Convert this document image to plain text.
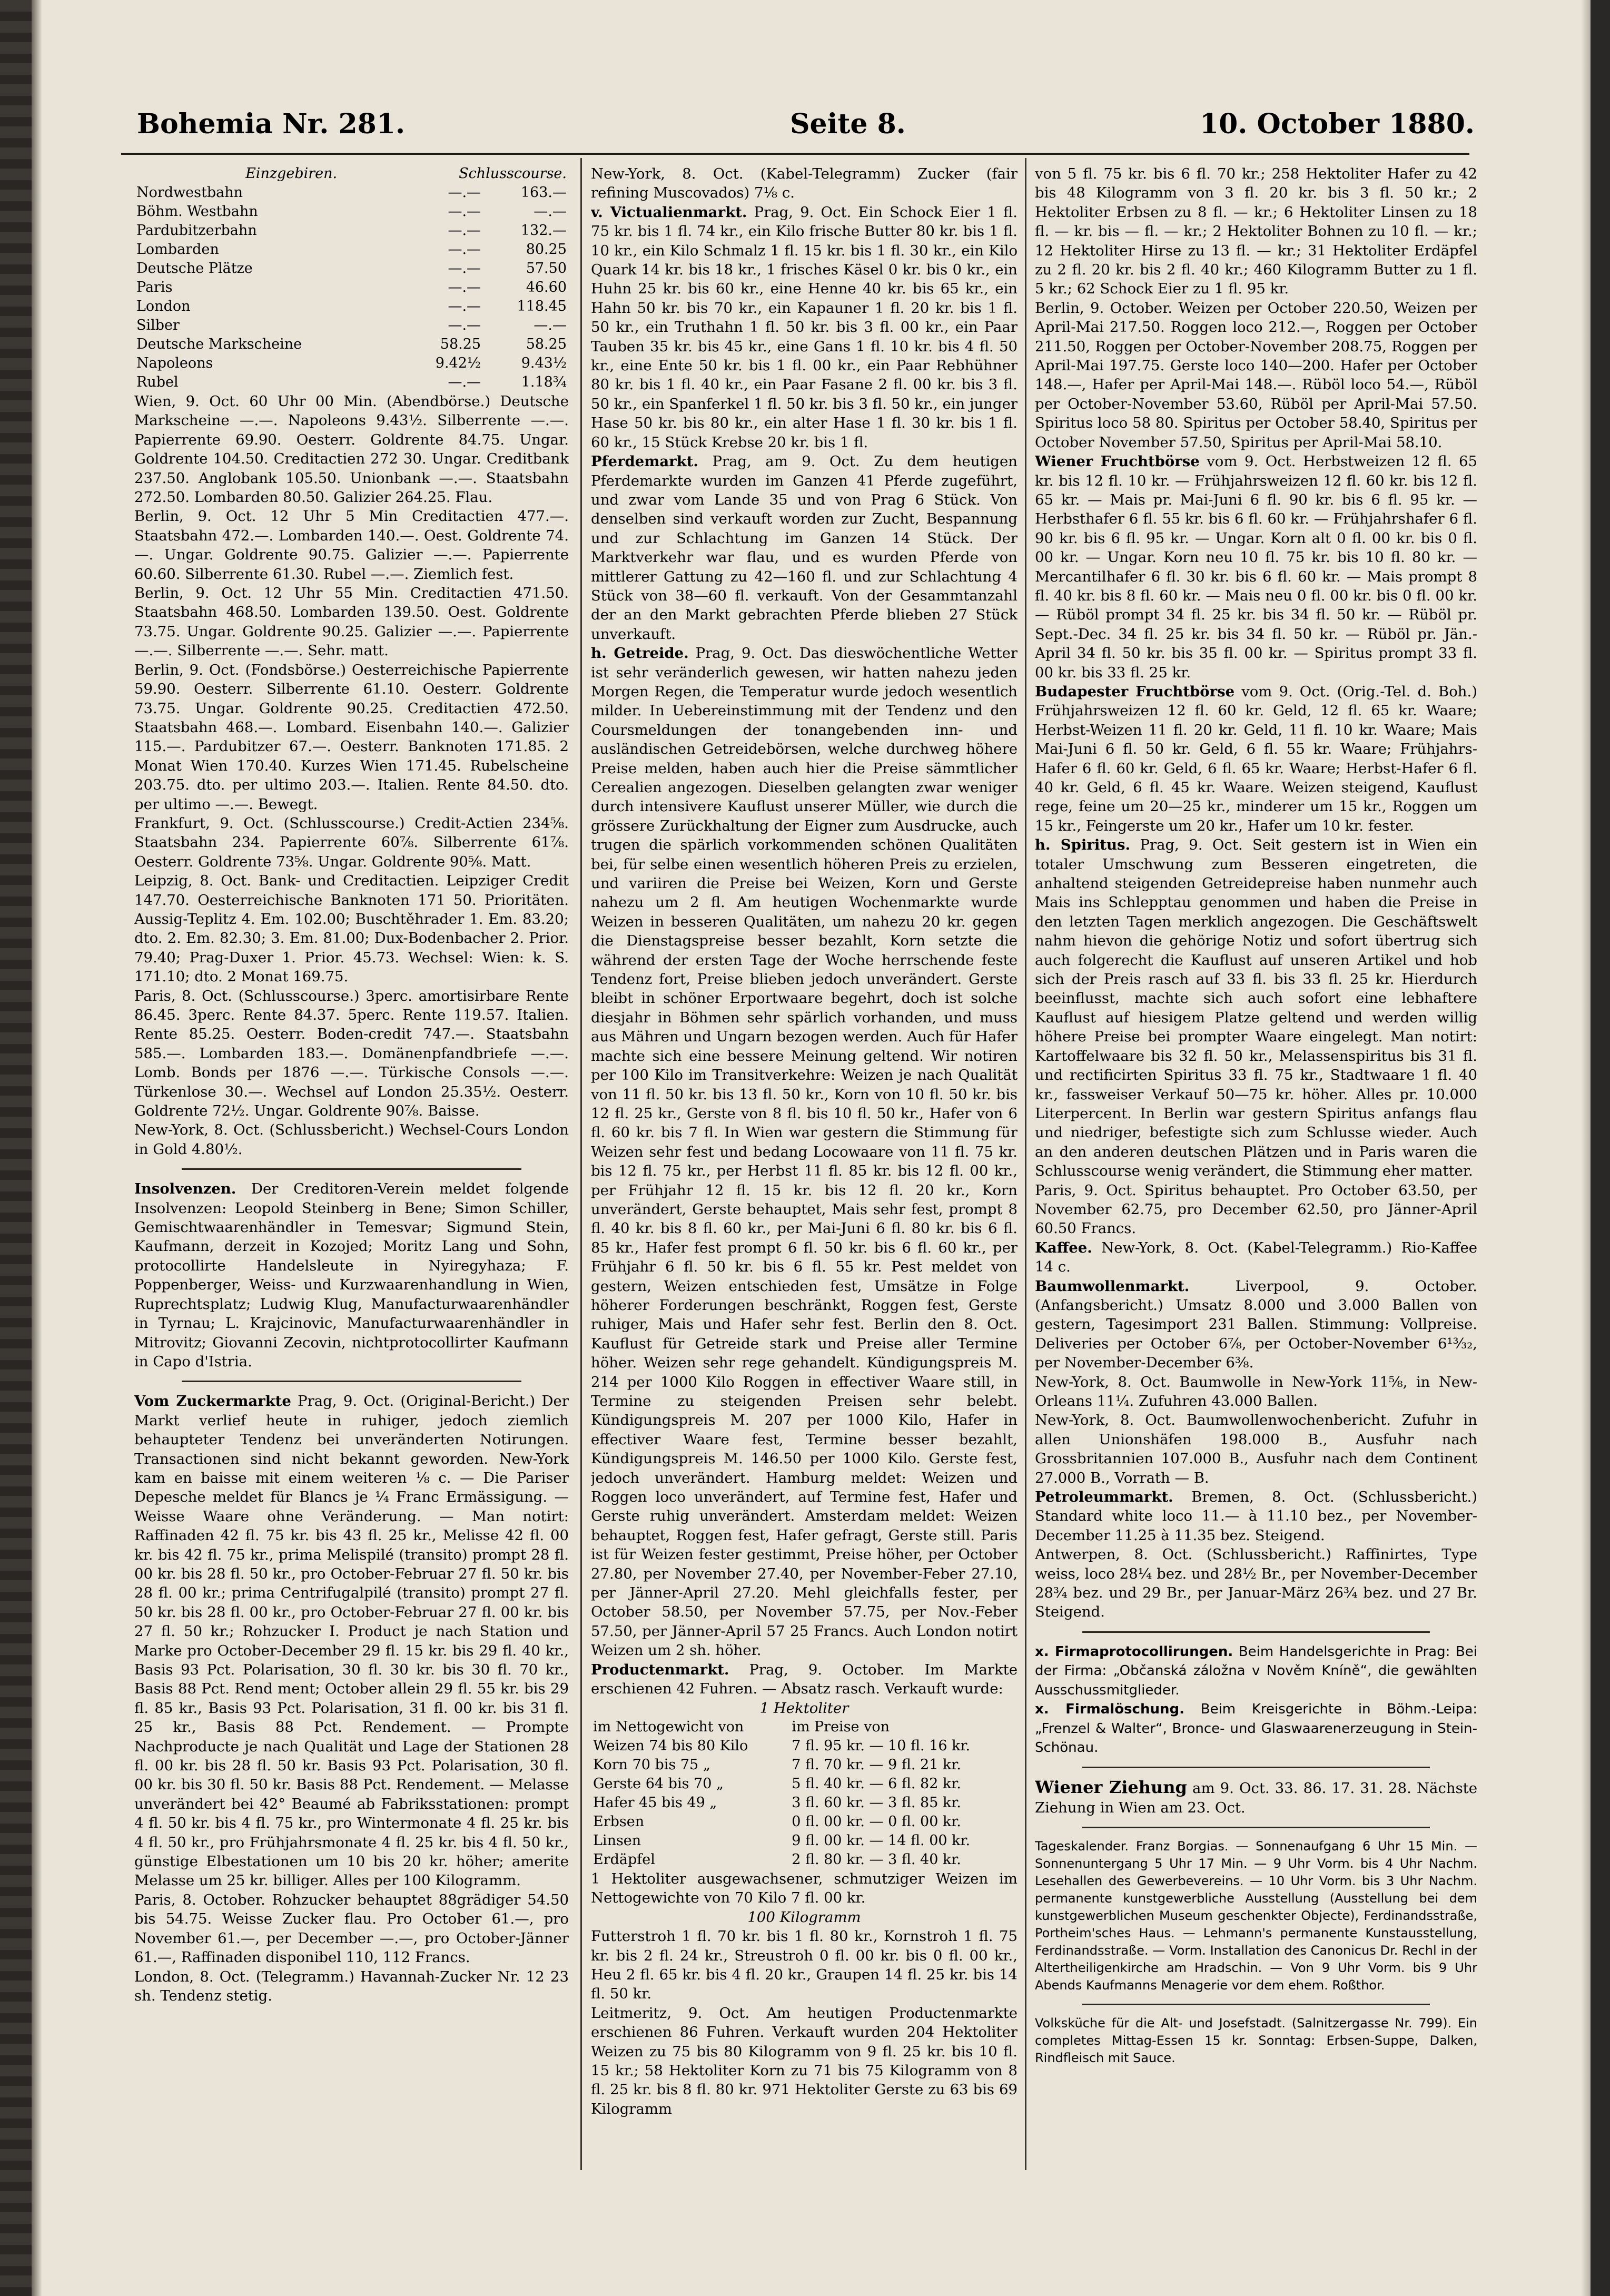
Bohemia Nr. 281.	Seite 8.	10. October 1880.
	Einzgebiren.	Schlusscourse.
Nordwestbahn	—.—	163.—
Böhm. Westbahn	—.—	—.—
Pardubitzerbahn	—.—	132.—
Lombarden	—.—	80.25
Deutsche Plätze	—.—	57.50
Paris	—.—	46.60
London	—.—	118.45
Silber	—.—	—.—
Deutsche Markscheine	58.25	58.25
Napoleons	9.42½	9.43½
Rubel	—.—	1.18¾

Wien, 9. Oct. 60 Uhr 00 Min. (Abendbörse.) Deutsche Markscheine —.—. Napoleons 9.43½. Silberrente —.—. Papierrente 69.90. Oesterr. Goldrente 84.75. Ungar. Goldrente 104.50. Creditactien 272 30. Ungar. Creditbank 237.50. Anglobank 105.50. Unionbank —.—. Staatsbahn 272.50. Lombarden 80.50. Galizier 264.25. Flau.

Berlin, 9. Oct. 12 Uhr 5 Min Creditactien 477.—. Staatsbahn 472.—. Lombarden 140.—. Oest. Goldrente 74.—. Ungar. Goldrente 90.75. Galizier —.—. Papierrente 60.60. Silberrente 61.30. Rubel —.—. Ziemlich fest.

Berlin, 9. Oct. 12 Uhr 55 Min. Creditactien 471.50. Staatsbahn 468.50. Lombarden 139.50. Oest. Goldrente 73.75. Ungar. Goldrente 90.25. Galizier —.—. Papierrente —.—. Silberrente —.—. Sehr. matt.

Berlin, 9. Oct. (Fondsbörse.) Oesterreichische Papierrente 59.90. Oesterr. Silberrente 61.10. Oesterr. Goldrente 73.75. Ungar. Goldrente 90.25. Creditactien 472.50. Staatsbahn 468.—. Lombard. Eisenbahn 140.—. Galizier 115.—. Pardubitzer 67.—. Oesterr. Banknoten 171.85. 2 Monat Wien 170.40. Kurzes Wien 171.45. Rubelscheine 203.75. dto. per ultimo 203.—. Italien. Rente 84.50. dto. per ultimo —.—. Bewegt.

Frankfurt, 9. Oct. (Schlusscourse.) Credit-Actien 234⅝. Staatsbahn 234. Papierrente 60⅞. Silberrente 61⅞. Oesterr. Goldrente 73⅝. Ungar. Goldrente 90⅝. Matt.

Leipzig, 8. Oct. Bank- und Creditactien. Leipziger Credit 147.70. Oesterreichische Banknoten 171 50. Prioritäten. Aussig-Teplitz 4. Em. 102.00; Buschtěhrader 1. Em. 83.20; dto. 2. Em. 82.30; 3. Em. 81.00; Dux-Bodenbacher 2. Prior. 79.40; Prag-Duxer 1. Prior. 45.73. Wechsel: Wien: k. S. 171.10; dto. 2 Monat 169.75.

Paris, 8. Oct. (Schlusscourse.) 3perc. amortisirbare Rente 86.45. 3perc. Rente 84.37. 5perc. Rente 119.57. Italien. Rente 85.25. Oesterr. Boden-credit 747.—. Staatsbahn 585.—. Lombarden 183.—. Domänenpfandbriefe —.—. Lomb. Bonds per 1876 —.—. Türkische Consols —.—. Türkenlose 30.—. Wechsel auf London 25.35½. Oesterr. Goldrente 72½. Ungar. Goldrente 90⅞. Baisse.

New-York, 8. Oct. (Schlussbericht.) Wechsel-Cours London in Gold 4.80½.

Insolvenzen. Der Creditoren-Verein meldet folgende Insolvenzen: Leopold Steinberg in Bene; Simon Schiller, Gemischtwaarenhändler in Temesvar; Sigmund Stein, Kaufmann, derzeit in Kozojed; Moritz Lang und Sohn, protocollirte Handelsleute in Nyiregyhaza; F. Poppenberger, Weiss- und Kurzwaarenhandlung in Wien, Ruprechtsplatz; Ludwig Klug, Manufacturwaarenhändler in Tyrnau; L. Krajcinovic, Manufacturwaarenhändler in Mitrovitz; Giovanni Zecovin, nichtprotocollirter Kaufmann in Capo d'Istria.

Vom Zuckermarkte Prag, 9. Oct. (Original-Bericht.) Der Markt verlief heute in ruhiger, jedoch ziemlich behaupteter Tendenz bei unveränderten Notirungen. Transactionen sind nicht bekannt geworden. New-York kam en baisse mit einem weiteren ⅛ c. — Die Pariser Depesche meldet für Blancs je ¼ Franc Ermässigung. — Weisse Waare ohne Veränderung. — Man notirt: Raffinaden 42 fl. 75 kr. bis 43 fl. 25 kr., Melisse 42 fl. 00 kr. bis 42 fl. 75 kr., prima Melispilé (transito) prompt 28 fl. 00 kr. bis 28 fl. 50 kr., pro October-Februar 27 fl. 50 kr. bis 28 fl. 00 kr.; prima Centrifugalpilé (transito) prompt 27 fl. 50 kr. bis 28 fl. 00 kr., pro October-Februar 27 fl. 00 kr. bis 27 fl. 50 kr.; Rohzucker I. Product je nach Station und Marke pro October-December 29 fl. 15 kr. bis 29 fl. 40 kr., Basis 93 Pct. Polarisation, 30 fl. 30 kr. bis 30 fl. 70 kr., Basis 88 Pct. Rend ment; October allein 29 fl. 55 kr. bis 29 fl. 85 kr., Basis 93 Pct. Polarisation, 31 fl. 00 kr. bis 31 fl. 25 kr., Basis 88 Pct. Rendement. — Prompte Nachproducte je nach Qualität und Lage der Stationen 28 fl. 00 kr. bis 28 fl. 50 kr. Basis 93 Pct. Polarisation, 30 fl. 00 kr. bis 30 fl. 50 kr. Basis 88 Pct. Rendement. — Melasse unverändert bei 42° Beaumé ab Fabriksstationen: prompt 4 fl. 50 kr. bis 4 fl. 75 kr., pro Wintermonate 4 fl. 25 kr. bis 4 fl. 50 kr., pro Frühjahrsmonate 4 fl. 25 kr. bis 4 fl. 50 kr., günstige Elbestationen um 10 bis 20 kr. höher; amerite Melasse um 25 kr. billiger. Alles per 100 Kilogramm.

Paris, 8. October. Rohzucker behauptet 88grädiger 54.50 bis 54.75. Weisse Zucker flau. Pro October 61.—, pro November 61.—, per December —.—, pro October-Jänner 61.—, Raffinaden disponibel 110, 112 Francs.

London, 8. Oct. (Telegramm.) Havannah-Zucker Nr. 12 23 sh. Tendenz stetig.

New-York, 8. Oct. (Kabel-Telegramm) Zucker (fair refining Muscovados) 7⅛ c.

v. Victualienmarkt. Prag, 9. Oct. Ein Schock Eier 1 fl. 75 kr. bis 1 fl. 74 kr., ein Kilo frische Butter 80 kr. bis 1 fl. 10 kr., ein Kilo Schmalz 1 fl. 15 kr. bis 1 fl. 30 kr., ein Kilo Quark 14 kr. bis 18 kr., 1 frisches Käsel 0 kr. bis 0 kr., ein Huhn 25 kr. bis 60 kr., eine Henne 40 kr. bis 65 kr., ein Hahn 50 kr. bis 70 kr., ein Kapauner 1 fl. 20 kr. bis 1 fl. 50 kr., ein Truthahn 1 fl. 50 kr. bis 3 fl. 00 kr., ein Paar Tauben 35 kr. bis 45 kr., eine Gans 1 fl. 10 kr. bis 4 fl. 50 kr., eine Ente 50 kr. bis 1 fl. 00 kr., ein Paar Rebhühner 80 kr. bis 1 fl. 40 kr., ein Paar Fasane 2 fl. 00 kr. bis 3 fl. 50 kr., ein Spanferkel 1 fl. 50 kr. bis 3 fl. 50 kr., ein junger Hase 50 kr. bis 80 kr., ein alter Hase 1 fl. 30 kr. bis 1 fl. 60 kr., 15 Stück Krebse 20 kr. bis 1 fl.

Pferdemarkt. Prag, am 9. Oct. Zu dem heutigen Pferdemarkte wurden im Ganzen 41 Pferde zugeführt, und zwar vom Lande 35 und von Prag 6 Stück. Von denselben sind verkauft worden zur Zucht, Bespannung und zur Schlachtung im Ganzen 14 Stück. Der Marktverkehr war flau, und es wurden Pferde von mittlerer Gattung zu 42—160 fl. und zur Schlachtung 4 Stück von 38—60 fl. verkauft. Von der Gesammtanzahl der an den Markt gebrachten Pferde blieben 27 Stück unverkauft.

h. Getreide. Prag, 9. Oct. Das dieswöchentliche Wetter ist sehr veränderlich gewesen, wir hatten nahezu jeden Morgen Regen, die Temperatur wurde jedoch wesentlich milder. In Uebereinstimmung mit der Tendenz und den Coursmeldungen der tonangebenden inn- und ausländischen Getreidebörsen, welche durchweg höhere Preise melden, haben auch hier die Preise sämmtlicher Cerealien angezogen. Dieselben gelangten zwar weniger durch intensivere Kauflust unserer Müller, wie durch die grössere Zurückhaltung der Eigner zum Ausdrucke, auch trugen die spärlich vorkommenden schönen Qualitäten bei, für selbe einen wesentlich höheren Preis zu erzielen, und variiren die Preise bei Weizen, Korn und Gerste nahezu um 2 fl. Am heutigen Wochenmarkte wurde Weizen in besseren Qualitäten, um nahezu 20 kr. gegen die Dienstagspreise besser bezahlt, Korn setzte die während der ersten Tage der Woche herrschende feste Tendenz fort, Preise blieben jedoch unverändert. Gerste bleibt in schöner Erportwaare begehrt, doch ist solche diesjahr in Böhmen sehr spärlich vorhanden, und muss aus Mähren und Ungarn bezogen werden. Auch für Hafer machte sich eine bessere Meinung geltend. Wir notiren per 100 Kilo im Transitverkehre: Weizen je nach Qualität von 11 fl. 50 kr. bis 13 fl. 50 kr., Korn von 10 fl. 50 kr. bis 12 fl. 25 kr., Gerste von 8 fl. bis 10 fl. 50 kr., Hafer von 6 fl. 60 kr. bis 7 fl. In Wien war gestern die Stimmung für Weizen sehr fest und bedang Locowaare von 11 fl. 75 kr. bis 12 fl. 75 kr., per Herbst 11 fl. 85 kr. bis 12 fl. 00 kr., per Frühjahr 12 fl. 15 kr. bis 12 fl. 20 kr., Korn unverändert, Gerste behauptet, Mais sehr fest, prompt 8 fl. 40 kr. bis 8 fl. 60 kr., per Mai-Juni 6 fl. 80 kr. bis 6 fl. 85 kr., Hafer fest prompt 6 fl. 50 kr. bis 6 fl. 60 kr., per Frühjahr 6 fl. 50 kr. bis 6 fl. 55 kr. Pest meldet von gestern, Weizen entschieden fest, Umsätze in Folge höherer Forderungen beschränkt, Roggen fest, Gerste ruhiger, Mais und Hafer sehr fest. Berlin den 8. Oct. Kauflust für Getreide stark und Preise aller Termine höher. Weizen sehr rege gehandelt. Kündigungspreis M. 214 per 1000 Kilo Roggen in effectiver Waare still, in Termine zu steigenden Preisen sehr belebt. Kündigungspreis M. 207 per 1000 Kilo, Hafer in effectiver Waare fest, Termine besser bezahlt, Kündigungspreis M. 146.50 per 1000 Kilo. Gerste fest, jedoch unverändert. Hamburg meldet: Weizen und Roggen loco unverändert, auf Termine fest, Hafer und Gerste ruhig unverändert. Amsterdam meldet: Weizen behauptet, Roggen fest, Hafer gefragt, Gerste still. Paris ist für Weizen fester gestimmt, Preise höher, per October 27.80, per November 27.40, per November-Feber 27.10, per Jänner-April 27.20. Mehl gleichfalls fester, per October 58.50, per November 57.75, per Nov.-Feber 57.50, per Jänner-April 57 25 Francs. Auch London notirt Weizen um 2 sh. höher.

Productenmarkt. Prag, 9. October. Im Markte erschienen 42 Fuhren. — Absatz rasch. Verkauft wurde:

1 Hektoliter

im Nettogewicht von	im Preise von
Weizen 74 bis 80 Kilo	7 fl. 95 kr. — 10 fl. 16 kr.
Korn 70 bis 75 „	7 fl. 70 kr. — 9 fl. 21 kr.
Gerste 64 bis 70 „	5 fl. 40 kr. — 6 fl. 82 kr.
Hafer 45 bis 49 „	3 fl. 60 kr. — 3 fl. 85 kr.
Erbsen	0 fl. 00 kr. — 0 fl. 00 kr.
Linsen	9 fl. 00 kr. — 14 fl. 00 kr.
Erdäpfel	2 fl. 80 kr. — 3 fl. 40 kr.

1 Hektoliter ausgewachsener, schmutziger Weizen im Nettogewichte von 70 Kilo 7 fl. 00 kr.

100 Kilogramm

Futterstroh 1 fl. 70 kr. bis 1 fl. 80 kr., Kornstroh 1 fl. 75 kr. bis 2 fl. 24 kr., Streustroh 0 fl. 00 kr. bis 0 fl. 00 kr., Heu 2 fl. 65 kr. bis 4 fl. 20 kr., Graupen 14 fl. 25 kr. bis 14 fl. 50 kr.

Leitmeritz, 9. Oct. Am heutigen Productenmarkte erschienen 86 Fuhren. Verkauft wurden 204 Hektoliter Weizen zu 75 bis 80 Kilogramm von 9 fl. 25 kr. bis 10 fl. 15 kr.; 58 Hektoliter Korn zu 71 bis 75 Kilogramm von 8 fl. 25 kr. bis 8 fl. 80 kr. 971 Hektoliter Gerste zu 63 bis 69 Kilogramm

von 5 fl. 75 kr. bis 6 fl. 70 kr.; 258 Hektoliter Hafer zu 42 bis 48 Kilogramm von 3 fl. 20 kr. bis 3 fl. 50 kr.; 2 Hektoliter Erbsen zu 8 fl. — kr.; 6 Hektoliter Linsen zu 18 fl. — kr. bis — fl. — kr.; 2 Hektoliter Bohnen zu 10 fl. — kr.; 12 Hektoliter Hirse zu 13 fl. — kr.; 31 Hektoliter Erdäpfel zu 2 fl. 20 kr. bis 2 fl. 40 kr.; 460 Kilogramm Butter zu 1 fl. 5 kr.; 62 Schock Eier zu 1 fl. 95 kr.

Berlin, 9. October. Weizen per October 220.50, Weizen per April-Mai 217.50. Roggen loco 212.—, Roggen per October 211.50, Roggen per October-November 208.75, Roggen per April-Mai 197.75. Gerste loco 140—200. Hafer per October 148.—, Hafer per April-Mai 148.—. Rüböl loco 54.—, Rüböl per October-November 53.60, Rüböl per April-Mai 57.50. Spiritus loco 58 80. Spiritus per October 58.40, Spiritus per October November 57.50, Spiritus per April-Mai 58.10.

Wiener Fruchtbörse vom 9. Oct. Herbstweizen 12 fl. 65 kr. bis 12 fl. 10 kr. — Frühjahrsweizen 12 fl. 60 kr. bis 12 fl. 65 kr. — Mais pr. Mai-Juni 6 fl. 90 kr. bis 6 fl. 95 kr. — Herbsthafer 6 fl. 55 kr. bis 6 fl. 60 kr. — Frühjahrshafer 6 fl. 90 kr. bis 6 fl. 95 kr. — Ungar. Korn alt 0 fl. 00 kr. bis 0 fl. 00 kr. — Ungar. Korn neu 10 fl. 75 kr. bis 10 fl. 80 kr. — Mercantilhafer 6 fl. 30 kr. bis 6 fl. 60 kr. — Mais prompt 8 fl. 40 kr. bis 8 fl. 60 kr. — Mais neu 0 fl. 00 kr. bis 0 fl. 00 kr. — Rüböl prompt 34 fl. 25 kr. bis 34 fl. 50 kr. — Rüböl pr. Sept.-Dec. 34 fl. 25 kr. bis 34 fl. 50 kr. — Rüböl pr. Jän.-April 34 fl. 50 kr. bis 35 fl. 00 kr. — Spiritus prompt 33 fl. 00 kr. bis 33 fl. 25 kr.

Budapester Fruchtbörse vom 9. Oct. (Orig.-Tel. d. Boh.) Frühjahrsweizen 12 fl. 60 kr. Geld, 12 fl. 65 kr. Waare; Herbst-Weizen 11 fl. 20 kr. Geld, 11 fl. 10 kr. Waare; Mais Mai-Juni 6 fl. 50 kr. Geld, 6 fl. 55 kr. Waare; Frühjahrs-Hafer 6 fl. 60 kr. Geld, 6 fl. 65 kr. Waare; Herbst-Hafer 6 fl. 40 kr. Geld, 6 fl. 45 kr. Waare. Weizen steigend, Kauflust rege, feine um 20—25 kr., minderer um 15 kr., Roggen um 15 kr., Feingerste um 20 kr., Hafer um 10 kr. fester.

h. Spiritus. Prag, 9. Oct. Seit gestern ist in Wien ein totaler Umschwung zum Besseren eingetreten, die anhaltend steigenden Getreidepreise haben nunmehr auch Mais ins Schlepptau genommen und haben die Preise in den letzten Tagen merklich angezogen. Die Geschäftswelt nahm hievon die gehörige Notiz und sofort übertrug sich auch folgerecht die Kauflust auf unseren Artikel und hob sich der Preis rasch auf 33 fl. bis 33 fl. 25 kr. Hierdurch beeinflusst, machte sich auch sofort eine lebhaftere Kauflust auf hiesigem Platze geltend und werden willig höhere Preise bei prompter Waare eingelegt. Man notirt: Kartoffelwaare bis 32 fl. 50 kr., Melassenspiritus bis 31 fl. und rectificirten Spiritus 33 fl. 75 kr., Stadtwaare 1 fl. 40 kr., fassweiser Verkauf 50—75 kr. höher. Alles pr. 10.000 Literpercent. In Berlin war gestern Spiritus anfangs flau und niedriger, befestigte sich zum Schlusse wieder. Auch an den anderen deutschen Plätzen und in Paris waren die Schlusscourse wenig verändert, die Stimmung eher matter.

Paris, 9. Oct. Spiritus behauptet. Pro October 63.50, per November 62.75, pro December 62.50, pro Jänner-April 60.50 Francs.

Kaffee. New-York, 8. Oct. (Kabel-Telegramm.) Rio-Kaffee 14 c.

Baumwollenmarkt.	Liverpool, 9. October. (Anfangsbericht.) Umsatz 8.000 und 3.000 Ballen von gestern, Tagesimport 231 Ballen. Stimmung: Vollpreise. Deliveries per October 6⅞, per October-November 6¹³⁄₃₂, per November-December 6⅜.

New-York, 8. Oct. Baumwolle in New-York 11⅝, in New-Orleans 11¼. Zufuhren 43.000 Ballen.

New-York, 8. Oct. Baumwollenwochenbericht. Zufuhr in allen Unionshäfen 198.000 B., Ausfuhr nach Grossbritannien 107.000 B., Ausfuhr nach dem Continent 27.000 B., Vorrath — B.

Petroleummarkt. Bremen, 8. Oct. (Schlussbericht.) Standard white loco 11.— à 11.10 bez., per November-December 11.25 à 11.35 bez. Steigend.

Antwerpen, 8. Oct. (Schlussbericht.) Raffinirtes, Type weiss, loco 28¼ bez. und 28½ Br., per November-December 28¾ bez. und 29 Br., per Januar-März 26¾ bez. und 27 Br. Steigend.

x. Firmaprotocollirungen. Beim Handelsgerichte in Prag: Bei der Firma: „Občanská záložna v Nověm Kníně“, die gewählten Ausschussmitglieder.

x. Firmalöschung. Beim Kreisgerichte in Böhm.-Leipa: „Frenzel & Walter“, Bronce- und Glaswaarenerzeugung in Stein-Schönau.

Wiener Ziehung am 9. Oct. 33. 86. 17. 31. 28. Nächste Ziehung in Wien am 23. Oct.

Tageskalender. Franz Borgias. — Sonnenaufgang 6 Uhr 15 Min. — Sonnenuntergang 5 Uhr 17 Min. — 9 Uhr Vorm. bis 4 Uhr Nachm. Lesehallen des Gewerbevereins. — 10 Uhr Vorm. bis 3 Uhr Nachm. permanente kunstgewerbliche Ausstellung (Ausstellung bei dem kunstgewerblichen Museum geschenkter Objecte), Ferdinandsstraße, Portheim'sches Haus. — Lehmann's permanente Kunstausstellung, Ferdinandsstraße. — Vorm. Installation des Canonicus Dr. Rechl in der Altertheiligenkirche am Hradschin. — Von 9 Uhr Vorm. bis 9 Uhr Abends Kaufmanns Menagerie vor dem ehem. Roßthor.

Volksküche für die Alt- und Josefstadt. (Salnitzergasse Nr. 799). Ein completes Mittag-Essen 15 kr. Sonntag: Erbsen-Suppe, Dalken, Rindfleisch mit Sauce.
